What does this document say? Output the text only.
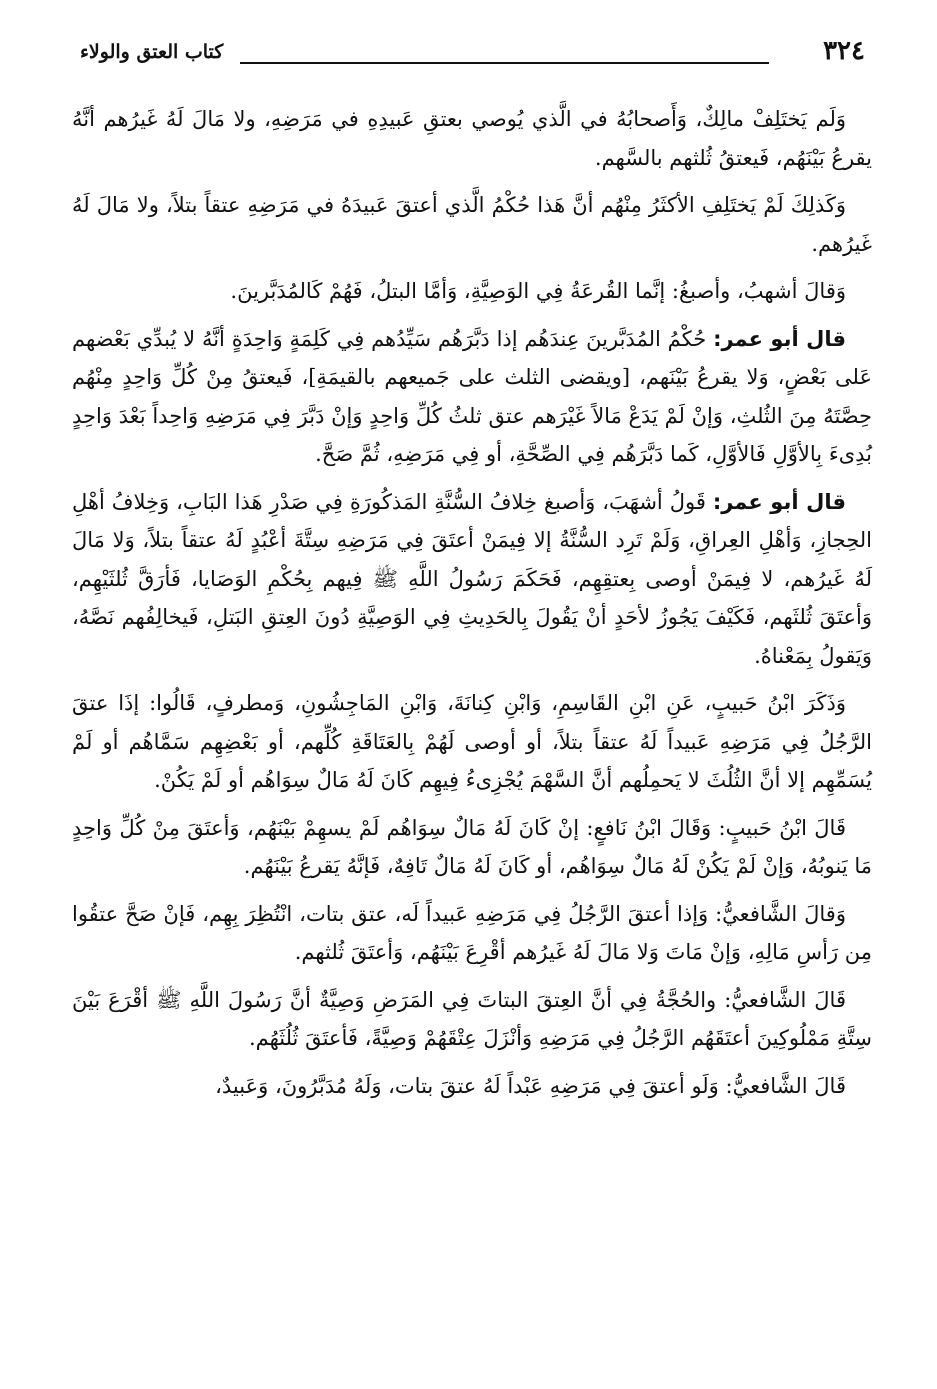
٣٢٤
كتاب العتق والولاء

وَلَم يَختَلِفْ مالِكٌ، وَأَصحابُهُ في الَّذي يُوصي بعتقِ عَبيدِهِ في مَرَضِهِ، ولا مَالَ لَهُ غَيرُهم أنَّهُ يقرعُ بَيْنَهُم، فَيعتقُ ثُلثهم بالسَّهم.

وَكَذلِكَ لَمْ يَختَلِفِ الأكثَرُ مِنْهُم أنَّ هَذا حُكْمُ الَّذي أعتقَ عَبيدَهُ في مَرَضِهِ عتقاً بتلاً، ولا مَالَ لَهُ غَيرُهم.

وَقالَ أشهبُ، وأصبغُ: إنَّما القُرعَةُ فِي الوَصِيَّةِ، وَأمَّا البتلُ، فَهُمْ كَالمُدَبَّرينَ.

قال أبو عمر: حُكْمُ المُدَبَّرينَ عِندَهُم إذا دَبَّرَهُم سَيِّدُهم فِي كَلِمَةٍ وَاحِدَةٍ أنَّهُ لا يُبدِّي بَعْضهم عَلى بَعْضٍ، وَلا يقرعُ بَيْنَهم، [ويقضى الثلث على جَميعهم بالقيمَةِ]، فَيعتقُ مِنْ كُلِّ وَاحِدٍ مِنْهُم حِصَّتَهُ مِنَ الثُلثِ، وَإنْ لَمْ يَدَعْ مَالاً غَيْرَهم عتق ثلثُ كُلِّ وَاحِدٍ وَإنْ دَبَّرَ فِي مَرَضِهِ وَاحِداً بَعْدَ وَاحِدٍ بُدِىءَ بِالأوَّلِ فَالأوَّلِ، كَما دَبَّرَهُم فِي الصِّحَّةِ، أو فِي مَرَضِهِ، ثُمَّ صَحَّ.

قال أبو عمر: قَولُ أشهَبَ، وَأصبغ خِلافُ السُّنَّةِ المَذكُورَةِ فِي صَدْرِ هَذا البَابِ، وَخِلافُ أهْلِ الحِجازِ، وَأهْلِ العِراقِ، وَلَمْ تَرِد السُّنَّةُ إلا فِيمَنْ أعتَقَ فِي مَرَضِهِ سِتَّةَ أعْبُدٍ لَهُ عتقاً بتلاً، وَلا مَالَ لَهُ غَيرُهم، لا فِيمَنْ أوصى بِعتقِهِم، فَحَكَمَ رَسُولُ اللَّهِ ﷺ فِيهم بِحُكْمِ الوَصَايا، فَأرَقَّ ثُلثَيْهِم، وَأعتَقَ ثُلثَهم، فَكَيْفَ يَجُوزُ لأحَدٍ أنْ يَقُولَ بِالحَدِيثِ فِي الوَصِيَّةِ دُونَ العِتقِ البَتلِ، فَيخالِفُهم نَصَّهُ، وَيَقولُ بِمَعْناهُ.

وَذَكَرَ ابْنُ حَبيبٍ، عَنِ ابْنِ القَاسِمِ، وَابْنِ كِنانَةَ، وَابْنِ المَاجِشُونِ، وَمطرفٍ، قَالُوا: إذَا عتقَ الرَّجُلُ فِي مَرَضِهِ عَبيداً لَهُ عتقاً بتلاً، أو أوصى لَهُمْ بِالعَتَاقَةِ كُلِّهم، أو بَعْضِهِم سَمَّاهُم أو لَمْ يُسَمِّهِم إلا أنَّ الثُلُثَ لا يَحمِلُهم أنَّ السَّهْمَ يُجْزِىءُ فِيهِم كَانَ لَهُ مَالٌ سِوَاهُم أو لَمْ يَكُنْ.

قَالَ ابْنُ حَبيبٍ: وَقَالَ ابْنُ نَافعٍ: إنْ كَانَ لَهُ مَالٌ سِوَاهُم لَمْ يسهِمْ بَيْنَهُم، وَأعتَقَ مِنْ كُلِّ وَاحِدٍ مَا يَنوبُهُ، وَإنْ لَمْ يَكُنْ لَهُ مَالٌ سِوَاهُم، أو كَانَ لَهُ مَالٌ تَافِهٌ، فَإنَّهُ يَقرعُ بَيْنَهُم.

وَقالَ الشَّافعيُّ: وَإذا أعتقَ الرَّجُلُ فِي مَرَضِهِ عَبيداً لَه، عتق بتات، انْتُظِرَ بِهِم، فَإنْ صَحَّ عتقُوا مِن رَأسِ مَالِهِ، وَإنْ مَاتَ وَلا مَالَ لَهُ غَيرُهم أقْرِعَ بَيْنَهُم، وَأعتَقَ ثُلثهم.

قَالَ الشَّافعيُّ: والحُجَّةُ فِي أنَّ العِتقَ البتاتَ فِي المَرَضِ وَصِيَّةٌ أنَّ رَسُولَ اللَّهِ ﷺ أقْرَعَ بَيْنَ سِتَّةِ مَمْلُوكِينَ أعتَقَهُم الرَّجُلُ فِي مَرَضِهِ وَأنْزَلَ عِتْقَهُمْ وَصِيَّةً، فَأعتَقَ ثُلُثَهُم.

قَالَ الشَّافعيُّ: وَلَو أعتقَ فِي مَرَضِهِ عَبْداً لَهُ عتقَ بتات، وَلَهُ مُدَبَّرُونَ، وَعَبيدٌ،
